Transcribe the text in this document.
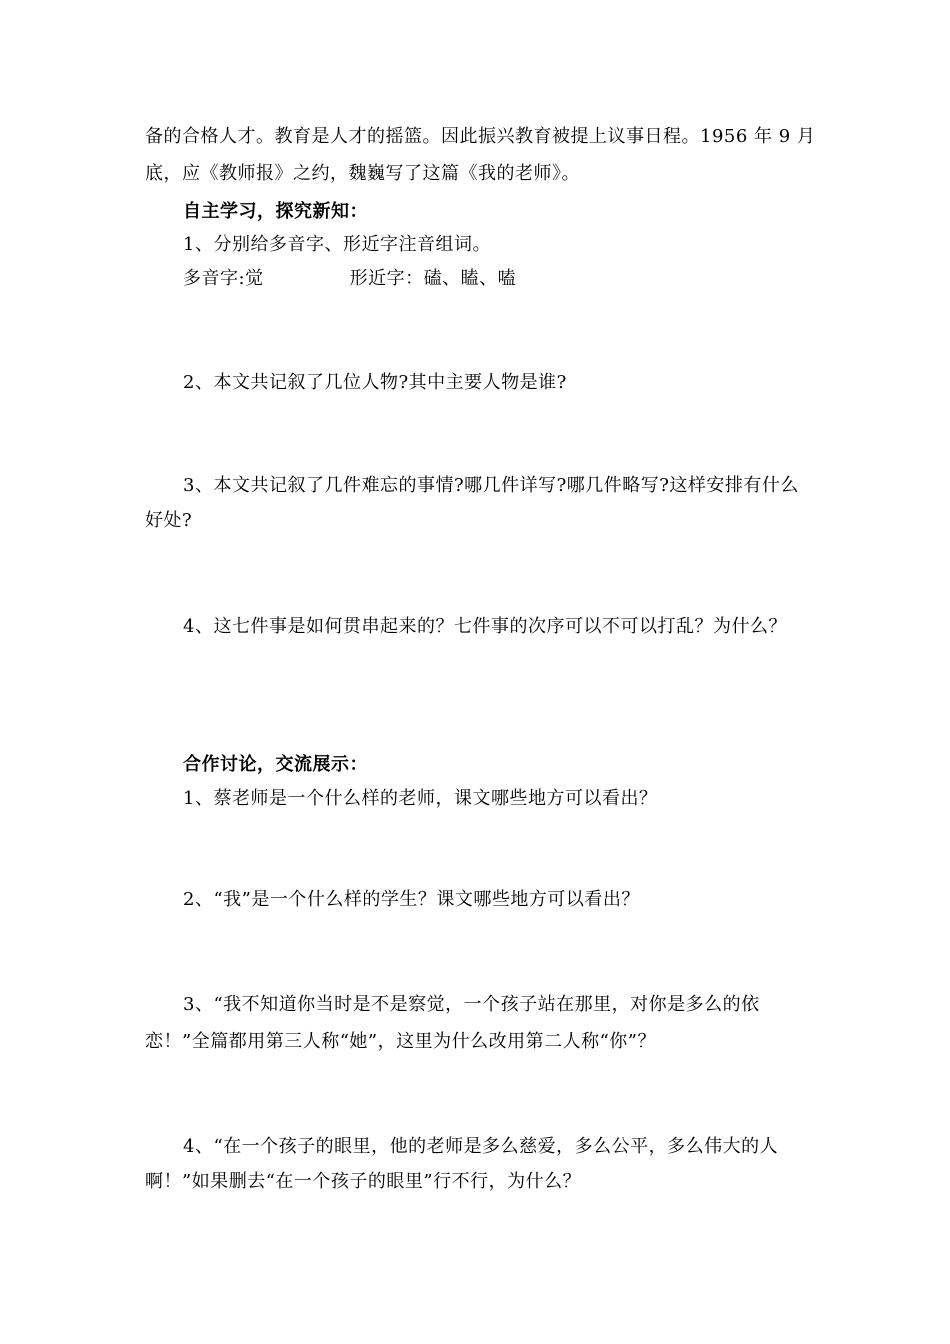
备的合格人才。教育是人才的摇篮。因此振兴教育被提上议事日程。1956 年 9 月
底，应《教师报》之约，魏巍写了这篇《我的老师》。
自主学习，探究新知：
1、分别给多音字、形近字注音组词。
多音字:觉	形近字：磕、瞌、嗑
2、本文共记叙了几位人物?其中主要人物是谁?
3、本文共记叙了几件难忘的事情?哪几件详写?哪几件略写?这样安排有什么
好处?
4、这七件事是如何贯串起来的？七件事的次序可以不可以打乱？为什么？
合作讨论，交流展示：
1、蔡老师是一个什么样的老师，课文哪些地方可以看出？
2、“我”是一个什么样的学生？课文哪些地方可以看出？
3、“我不知道你当时是不是察觉，一个孩子站在那里，对你是多么的依
恋！”全篇都用第三人称“她”，这里为什么改用第二人称“你”？
4、“在一个孩子的眼里，他的老师是多么慈爱，多么公平，多么伟大的人
啊！”如果删去“在一个孩子的眼里”行不行，为什么？
